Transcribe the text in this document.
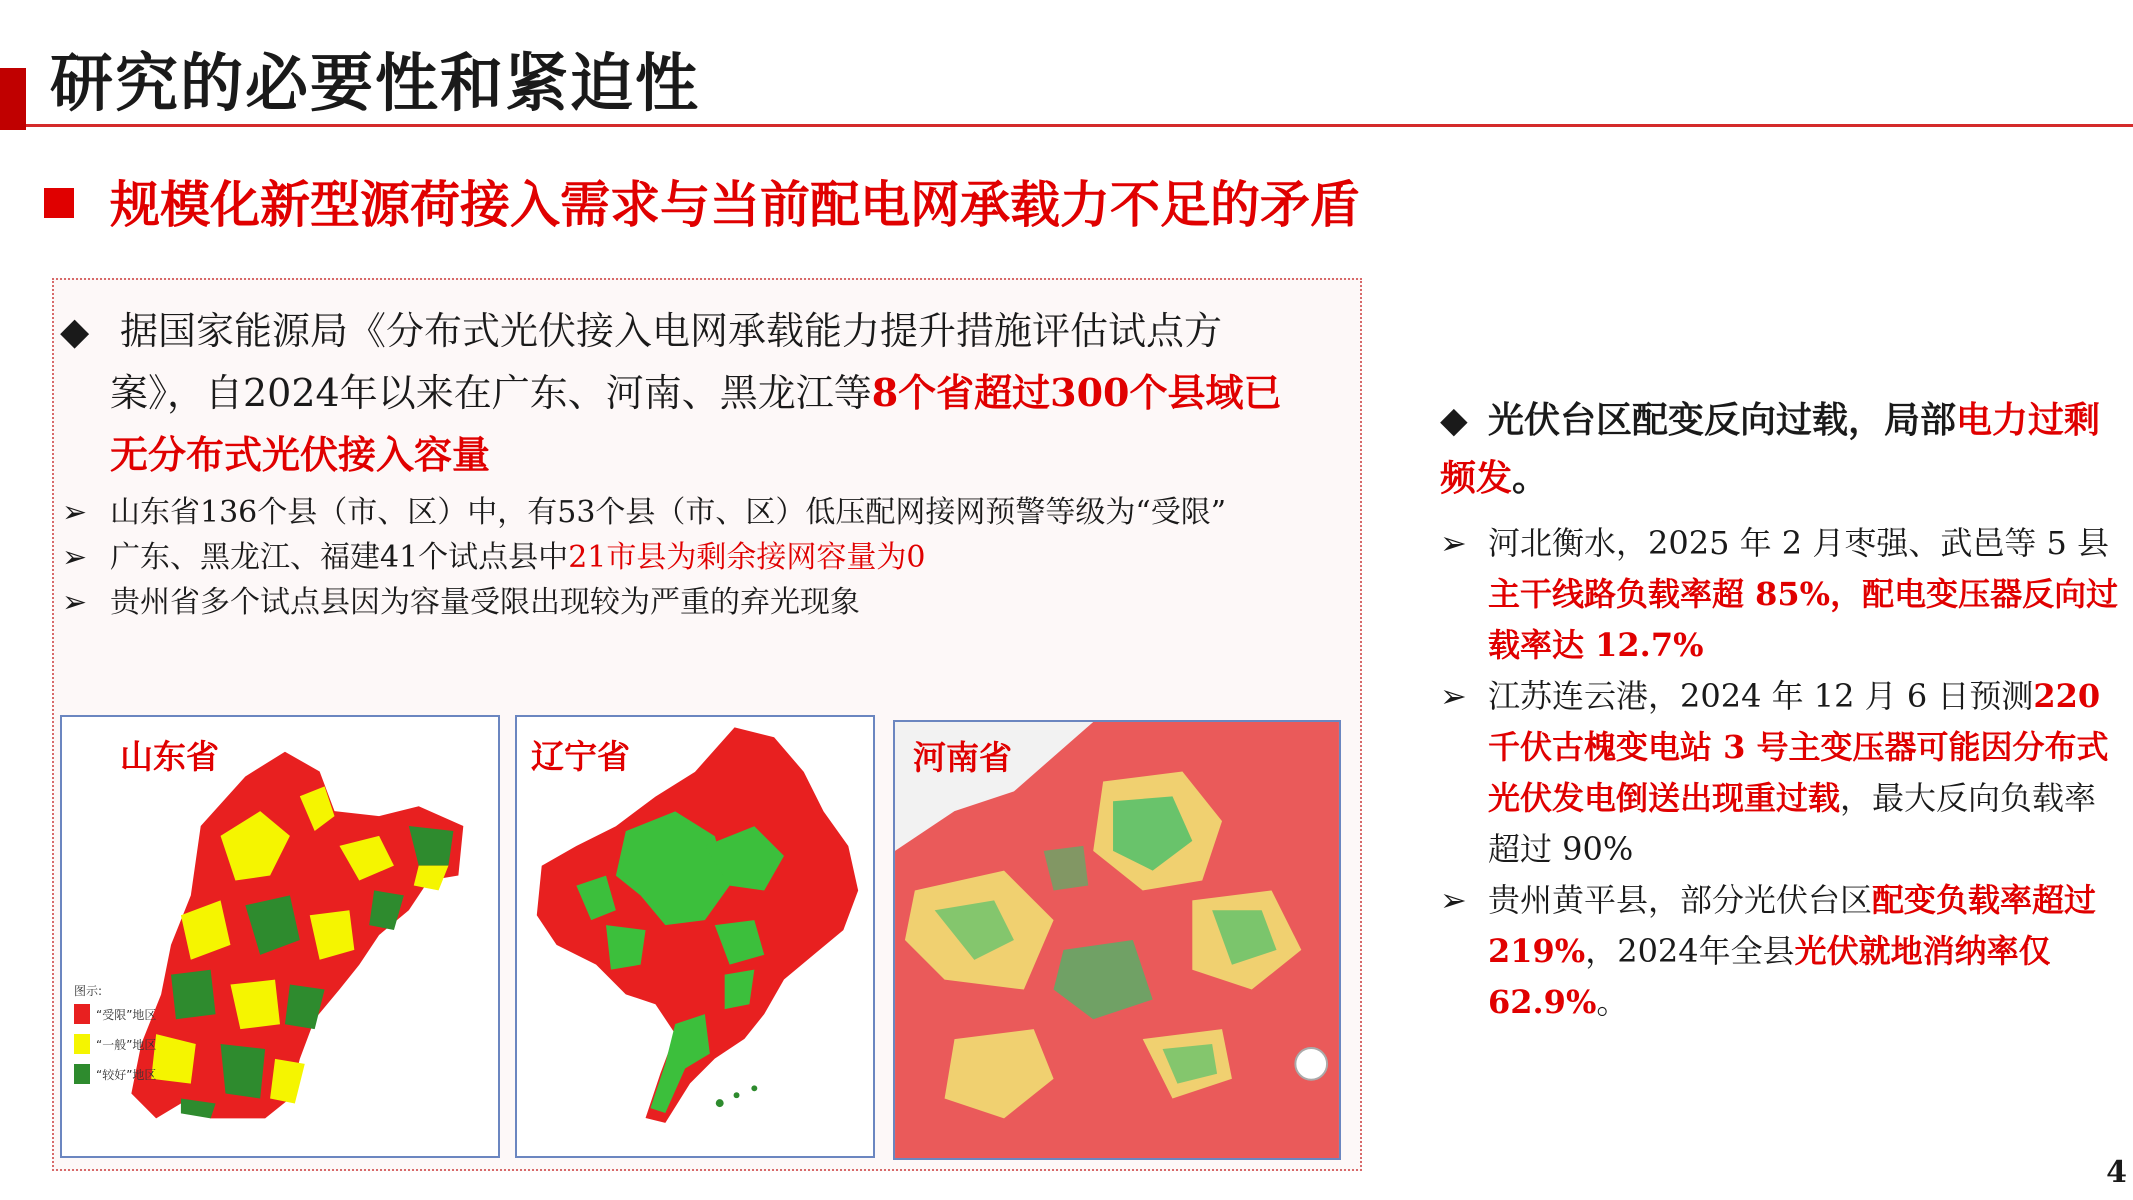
研究的必要性和紧迫性
规模化新型源荷接入需求与当前配电网承载力不足的矛盾
◆ 据国家能源局《分布式光伏接入电网承载能力提升措施评估试点方
案》，自2024年以来在广东、河南、黑龙江等8个省超过300个县域已
无分布式光伏接入容量
➢ 山东省136个县（市、区）中，有53个县（市、区）低压配网接网预警等级为“受限”
➢ 广东、黑龙江、福建41个试点县中21市县为剩余接网容量为0
➢ 贵州省多个试点县因为容量受限出现较为严重的弃光现象
山东省
图示:
“受限”地区
“一般”地区
“较好”地区
辽宁省	河南省
◆ 光伏台区配变反向过载，局部电力过剩频发。
➢ 河北衡水，2025 年 2 月枣强、武邑等 5 县主干线路负载率超 85%，配电变压器反向过载率达 12.7%
➢ 江苏连云港，2024 年 12 月 6 日预测220 千伏古槐变电站 3 号主变压器可能因分布式光伏发电倒送出现重过载，最大反向负载率超过 90%
➢ 贵州黄平县，部分光伏台区配变负载率超过219%，2024年全县光伏就地消纳率仅62.9%。
4
